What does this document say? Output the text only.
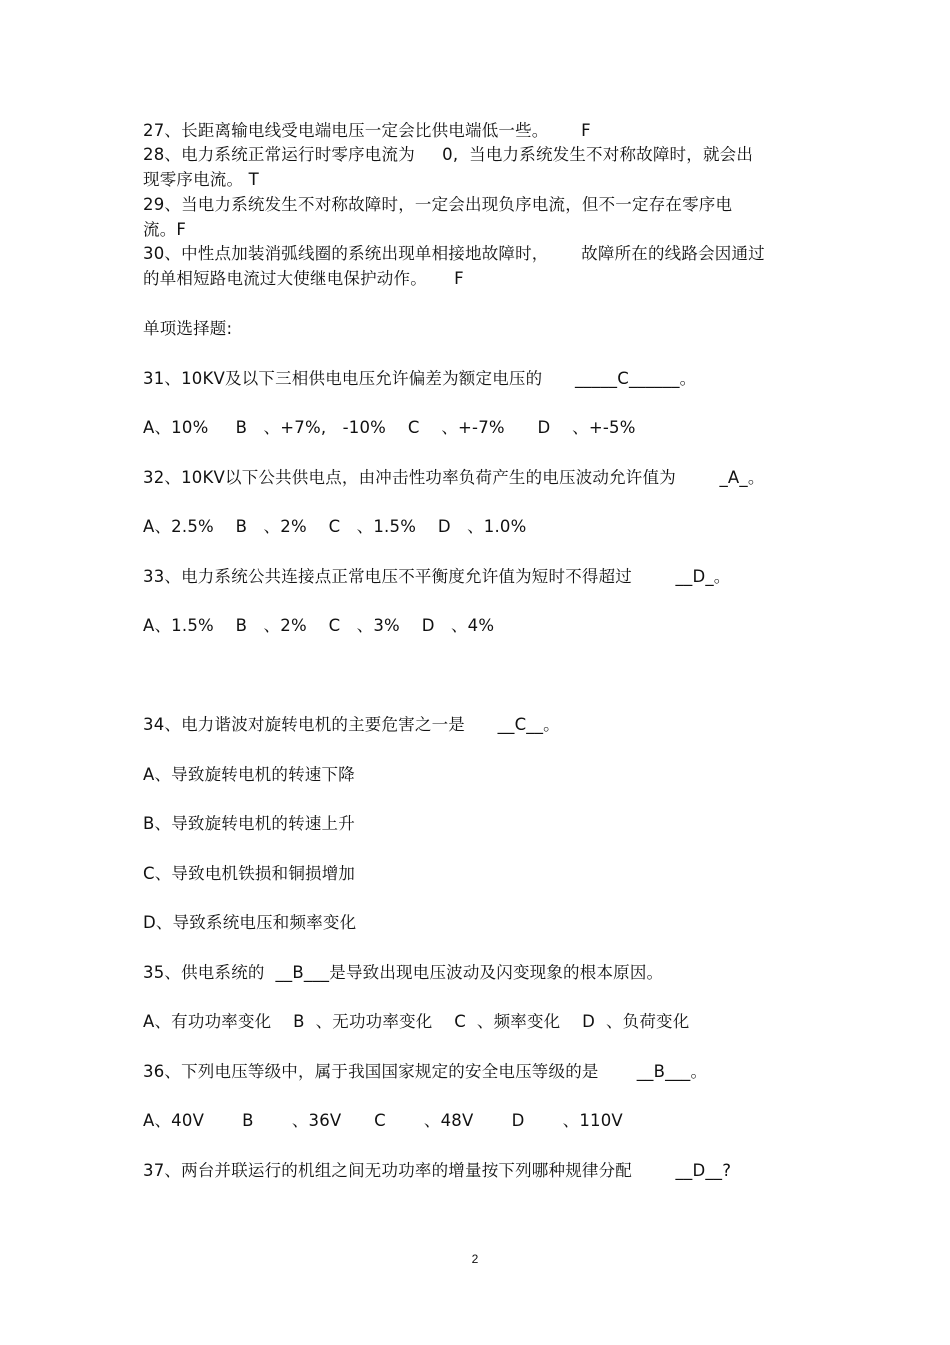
27、长距离输电线受电端电压一定会比供电端低一些。      F
28、电力系统正常运行时零序电流为     0,  当电力系统发生不对称故障时，就会出
现零序电流。 T
29、当电力系统发生不对称故障时，一定会出现负序电流，但不一定存在零序电
流。F
30、中性点加装消弧线圈的系统出现单相接地故障时，      故障所在的线路会因通过
的单相短路电流过大使继电保护动作。     F
单项选择题:
31、10KV及以下三相供电电压允许偏差为额定电压的      _____C______。
A、10%     B   、+7%,   -10%    C    、+-7%      D    、+-5%
32、10KV以下公共供电点，由冲击性功率负荷产生的电压波动允许值为        _A_。
A、2.5%    B   、2%    C   、1.5%    D   、1.0%
33、电力系统公共连接点正常电压不平衡度允许值为短时不得超过        __D_。
A、1.5%    B   、2%    C   、3%    D   、4%
34、电力谐波对旋转电机的主要危害之一是      __C__。
A、导致旋转电机的转速下降
B、导致旋转电机的转速上升
C、导致电机铁损和铜损增加
D、导致系统电压和频率变化
35、供电系统的  __B___是导致出现电压波动及闪变现象的根本原因。
A、有功功率变化    B  、无功功率变化    C  、频率变化    D  、负荷变化
36、下列电压等级中，属于我国国家规定的安全电压等级的是       __B___。
A、40V       B       、36V      C       、48V       D       、110V
37、两台并联运行的机组之间无功功率的增量按下列哪种规律分配        __D__?
2
